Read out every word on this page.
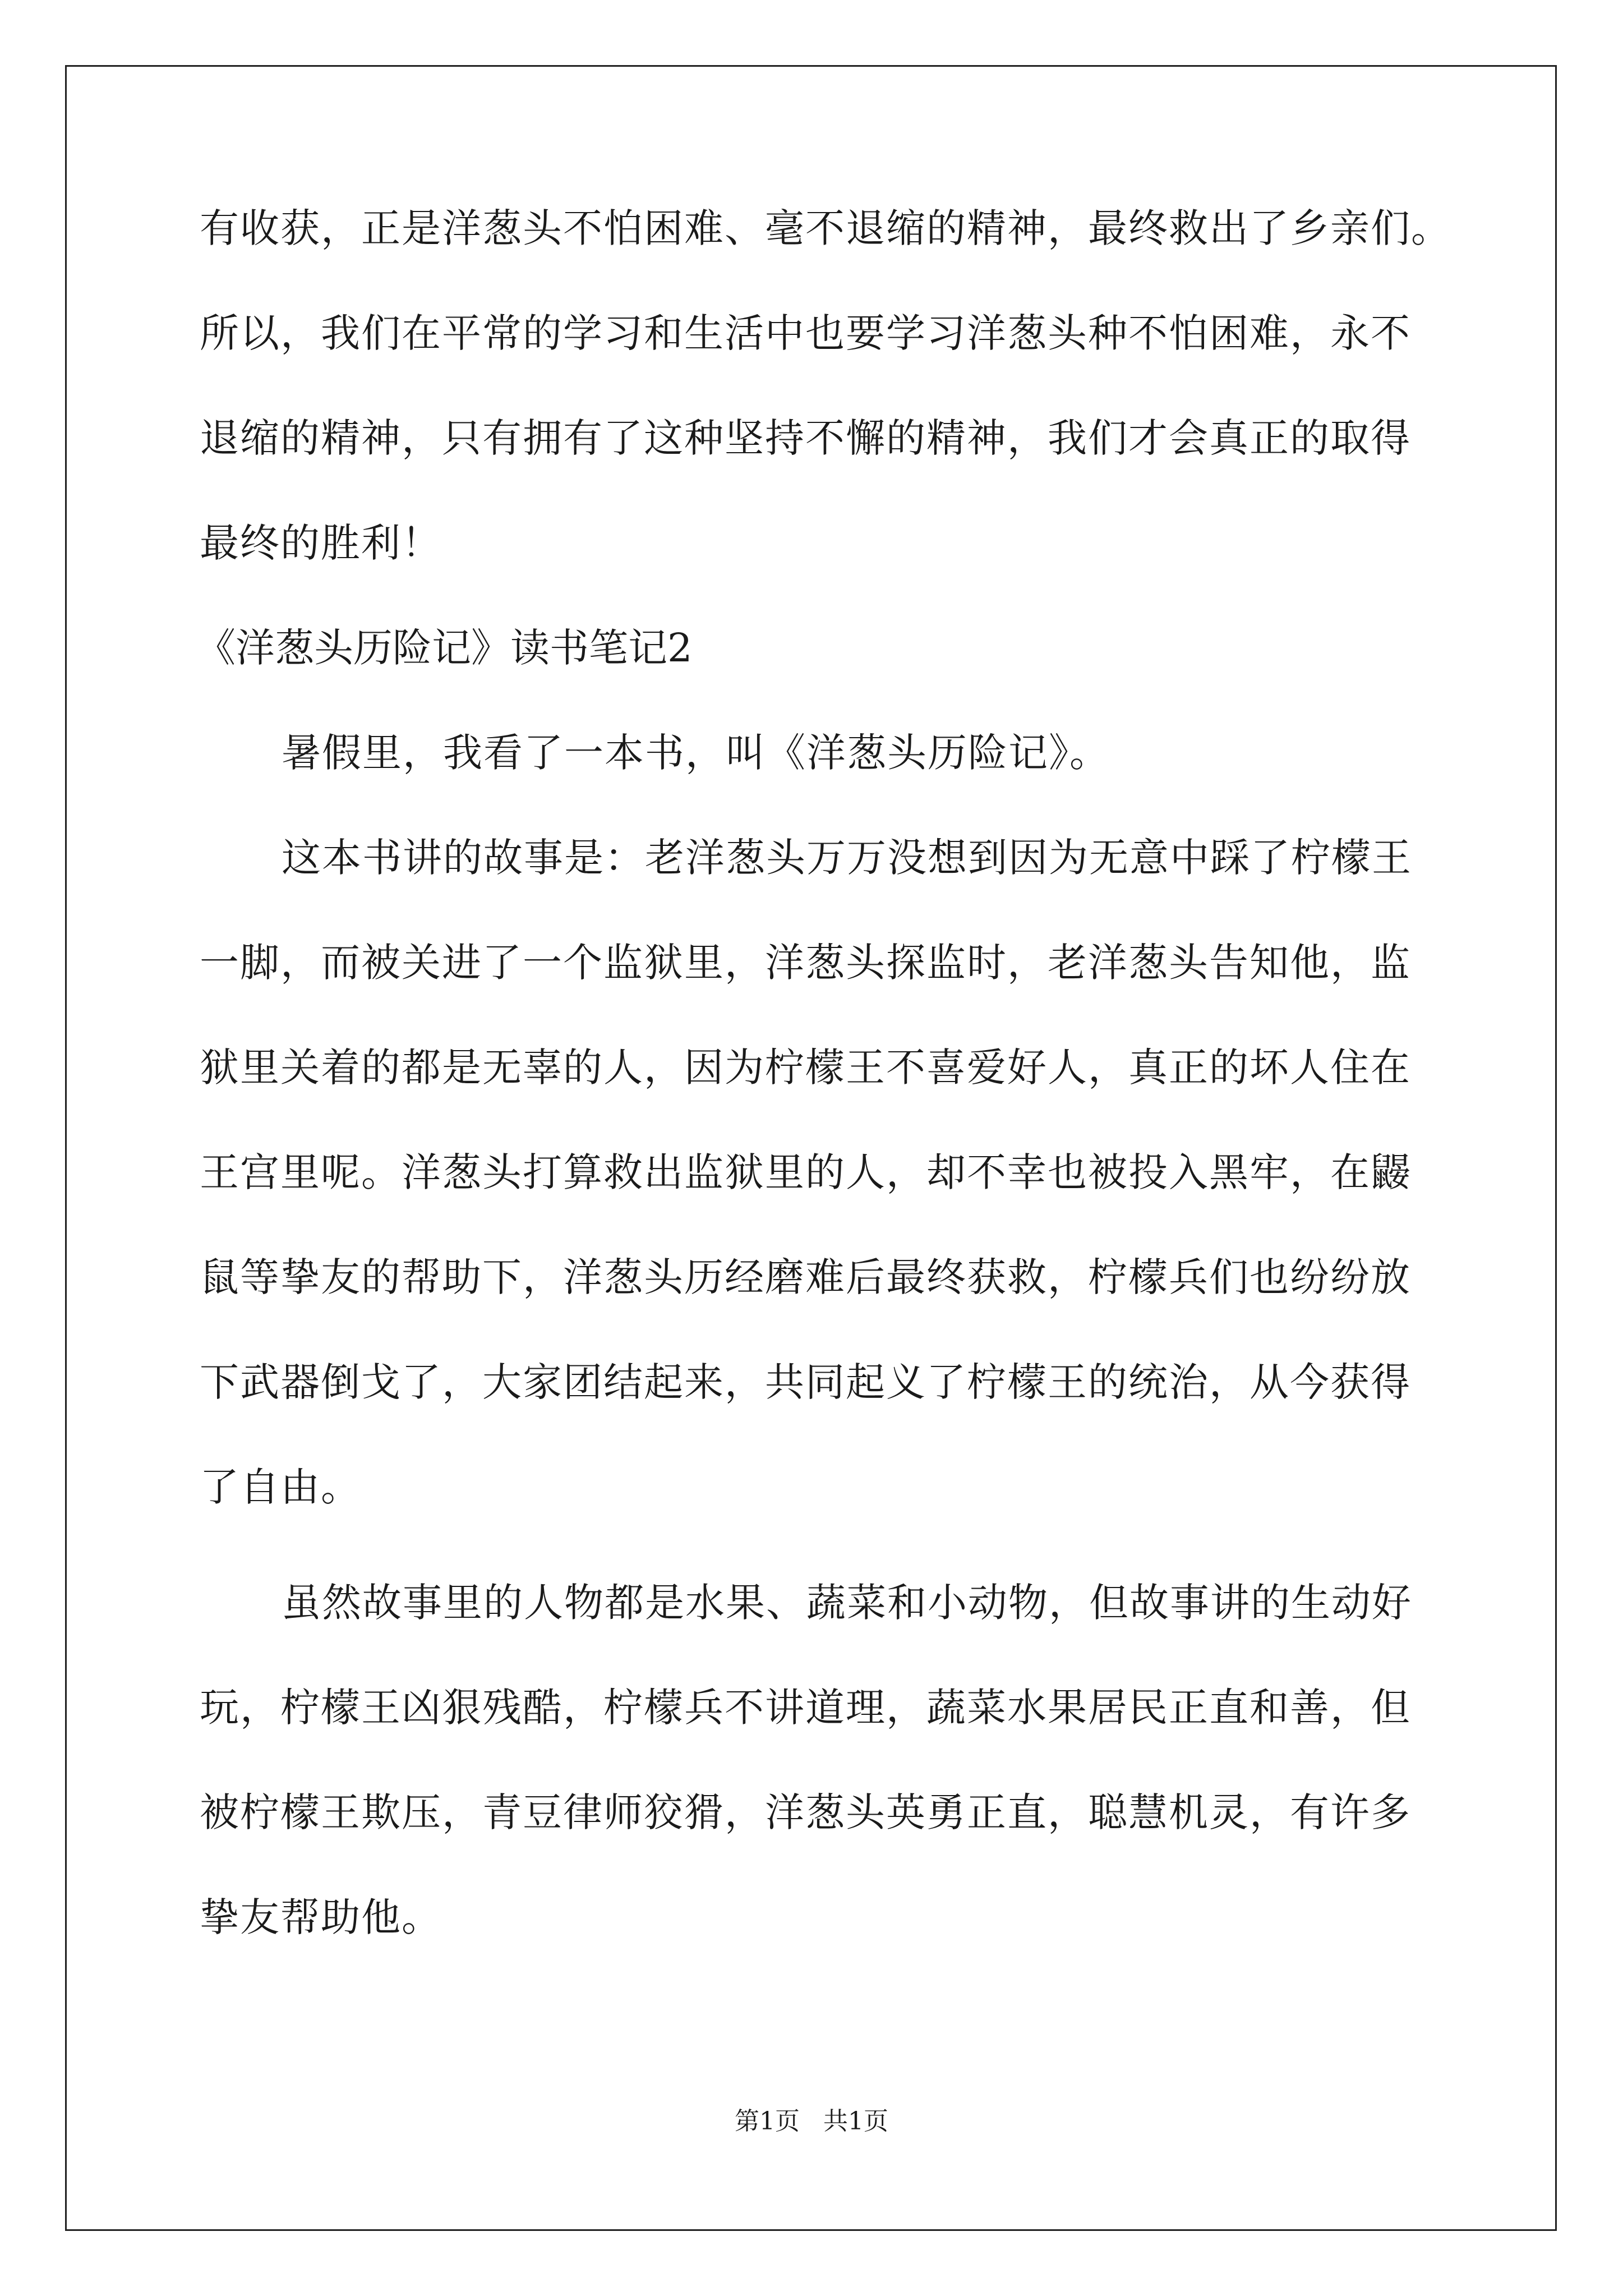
有收获，正是洋葱头不怕困难、毫不退缩的精神，最终救出了乡亲们。
所以，我们在平常的学习和生活中也要学习洋葱头种不怕困难，永不
退缩的精神，只有拥有了这种坚持不懈的精神，我们才会真正的取得
最终的胜利！
《洋葱头历险记》读书笔记2
暑假里，我看了一本书，叫《洋葱头历险记》。
这本书讲的故事是：老洋葱头万万没想到因为无意中踩了柠檬王
一脚，而被关进了一个监狱里，洋葱头探监时，老洋葱头告知他，监
狱里关着的都是无辜的人，因为柠檬王不喜爱好人，真正的坏人住在
王宫里呢。洋葱头打算救出监狱里的人，却不幸也被投入黑牢，在鼹
鼠等挚友的帮助下，洋葱头历经磨难后最终获救，柠檬兵们也纷纷放
下武器倒戈了，大家团结起来，共同起义了柠檬王的统治，从今获得
了自由。
虽然故事里的人物都是水果、蔬菜和小动物，但故事讲的生动好
玩，柠檬王凶狠残酷，柠檬兵不讲道理，蔬菜水果居民正直和善，但
被柠檬王欺压，青豆律师狡猾，洋葱头英勇正直，聪慧机灵，有许多
挚友帮助他。
第1页 共1页
